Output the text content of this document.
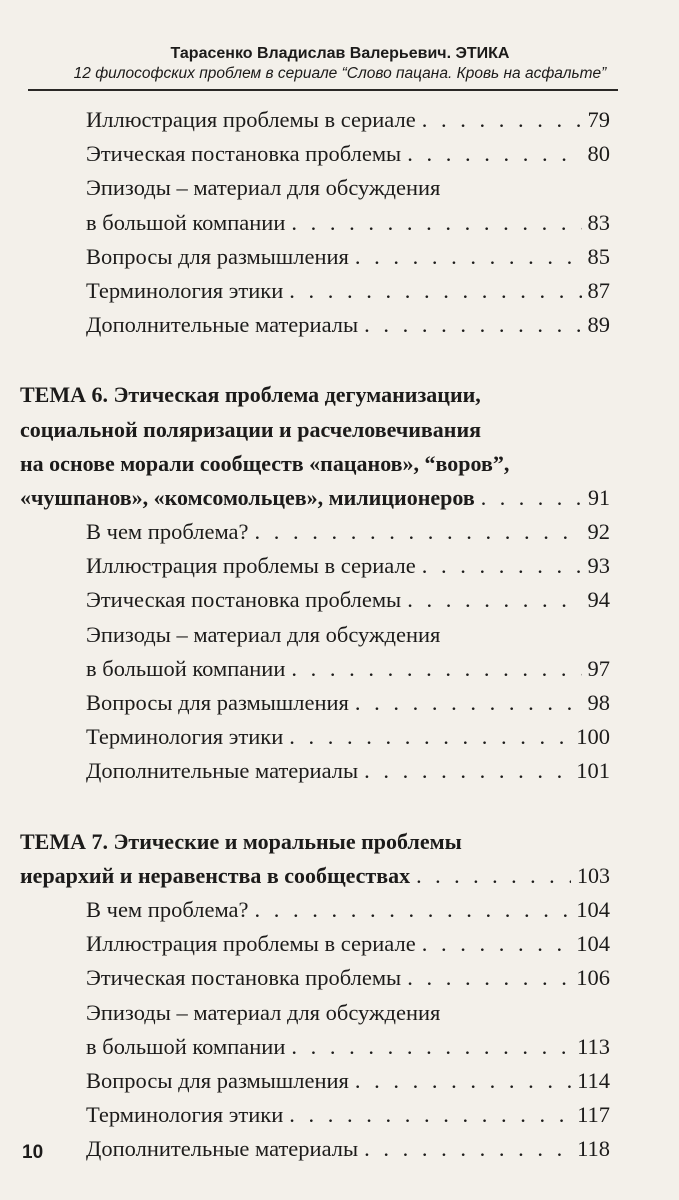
Тарасенко Владислав Валерьевич. ЭТИКА
12 философских проблем в сериале “Слово пацана. Кровь на асфальте”
Иллюстрация проблемы в сериале . . .	79
Этическая постановка проблемы . . .	80
Эпизоды – материал для обсуждения
в большой компании . . .	83
Вопросы для размышления . . .	85
Терминология этики . . .	87
Дополнительные материалы . . .	89
ТЕМА 6. Этическая проблема дегуманизации,
социальной поляризации и расчеловечивания
на основе морали сообществ «пацанов», “воров”,
«чушпанов», «комсомольцев», милиционеров . . .	91
В чем проблема? . . .	92
Иллюстрация проблемы в сериале . . .	93
Этическая постановка проблемы . . .	94
Эпизоды – материал для обсуждения
в большой компании . . .	97
Вопросы для размышления . . .	98
Терминология этики . . .	100
Дополнительные материалы . . .	101
ТЕМА 7. Этические и моральные проблемы
иерархий и неравенства в сообществах . . .	103
В чем проблема? . . .	104
Иллюстрация проблемы в сериале . . .	104
Этическая постановка проблемы . . .	106
Эпизоды – материал для обсуждения
в большой компании . . .	113
Вопросы для размышления . . .	114
Терминология этики . . .	117
Дополнительные материалы . . .	118
10
